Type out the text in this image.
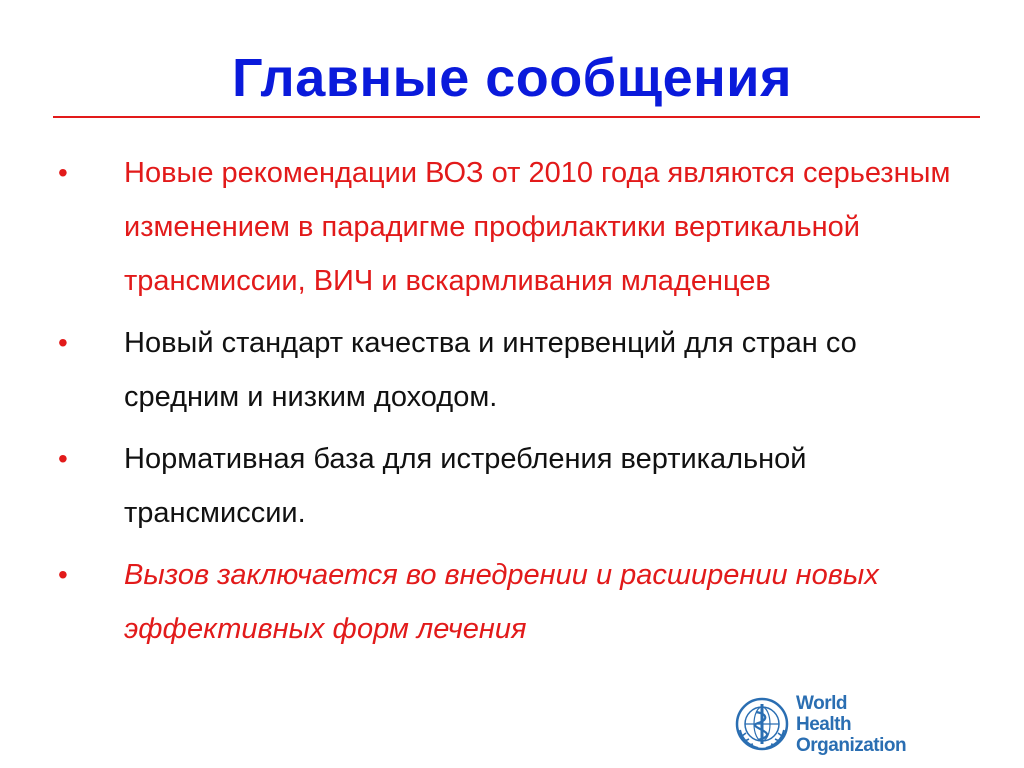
Главные сообщения
•	Новые рекомендации ВОЗ от 2010 года являются серьезным изменением в парадигме профилактики вертикальной трансмиссии, ВИЧ и вскармливания младенцев
•	Новый стандарт качества и интервенций для стран со средним и низким доходом.
•	Нормативная база для истребления вертикальной трансмиссии.
•	Вызов заключается во внедрении и расширении новых эффективных форм лечения
World Health
Organization
